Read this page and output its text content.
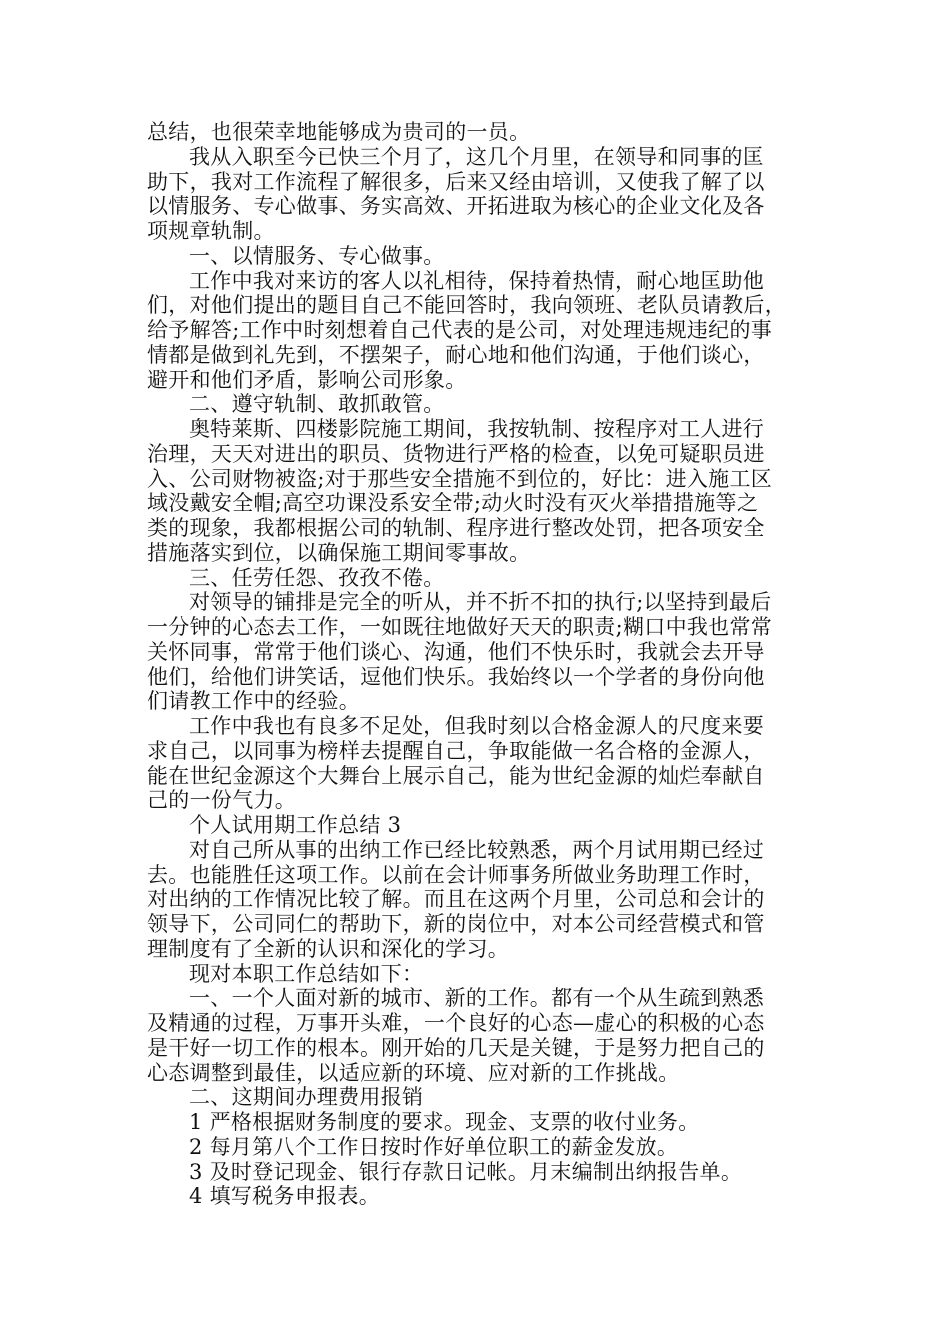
总结，也很荣幸地能够成为贵司的一员。
我从入职至今已快三个月了，这几个月里，在领导和同事的匡
助下，我对工作流程了解很多，后来又经由培训，又使我了解了以
以情服务、专心做事、务实高效、开拓进取为核心的企业文化及各
项规章轨制。
一、以情服务、专心做事。
工作中我对来访的客人以礼相待，保持着热情，耐心地匡助他
们，对他们提出的题目自己不能回答时，我向领班、老队员请教后，
给予解答;工作中时刻想着自己代表的是公司，对处理违规违纪的事
情都是做到礼先到，不摆架子，耐心地和他们沟通，于他们谈心，
避开和他们矛盾，影响公司形象。
二、遵守轨制、敢抓敢管。
奥特莱斯、四楼影院施工期间，我按轨制、按程序对工人进行
治理，天天对进出的职员、货物进行严格的检查，以免可疑职员进
入、公司财物被盗;对于那些安全措施不到位的，好比：进入施工区
域没戴安全帽;高空功课没系安全带;动火时没有灭火举措措施等之
类的现象，我都根据公司的轨制、程序进行整改处罚，把各项安全
措施落实到位，以确保施工期间零事故。
三、任劳任怨、孜孜不倦。
对领导的铺排是完全的听从，并不折不扣的执行;以坚持到最后
一分钟的心态去工作，一如既往地做好天天的职责;糊口中我也常常
关怀同事，常常于他们谈心、沟通，他们不快乐时，我就会去开导
他们，给他们讲笑话，逗他们快乐。我始终以一个学者的身份向他
们请教工作中的经验。
工作中我也有良多不足处，但我时刻以合格金源人的尺度来要
求自己，以同事为榜样去提醒自己，争取能做一名合格的金源人，
能在世纪金源这个大舞台上展示自己，能为世纪金源的灿烂奉献自
己的一份气力。
个人试用期工作总结 3
对自己所从事的出纳工作已经比较熟悉，两个月试用期已经过
去。也能胜任这项工作。以前在会计师事务所做业务助理工作时，
对出纳的工作情况比较了解。而且在这两个月里，公司总和会计的
领导下，公司同仁的帮助下，新的岗位中，对本公司经营模式和管
理制度有了全新的认识和深化的学习。
现对本职工作总结如下：
一、一个人面对新的城市、新的工作。都有一个从生疏到熟悉
及精通的过程，万事开头难，一个良好的心态—虚心的积极的心态
是干好一切工作的根本。刚开始的几天是关键，于是努力把自己的
心态调整到最佳，以适应新的环境、应对新的工作挑战。
二、这期间办理费用报销
1 严格根据财务制度的要求。现金、支票的收付业务。
2 每月第八个工作日按时作好单位职工的薪金发放。
3 及时登记现金、银行存款日记帐。月末编制出纳报告单。
4 填写税务申报表。
